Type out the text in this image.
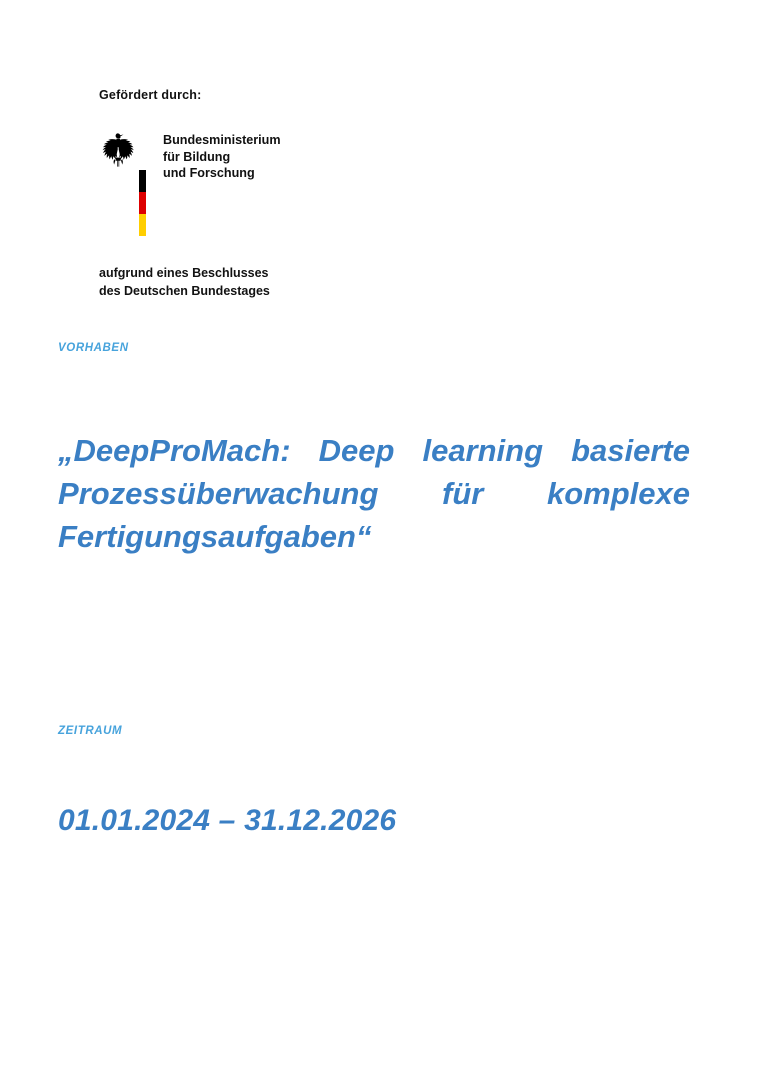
Gefördert durch:

Bundesministerium
für Bildung
und Forschung
aufgrund eines Beschlusses
des Deutschen Bundestages
VORHABEN
„DeepProMach: Deep learning basierte Prozessüberwachung für komplexe Fertigungsaufgaben“
ZEITRAUM
01.01.2024 – 31.12.2026
